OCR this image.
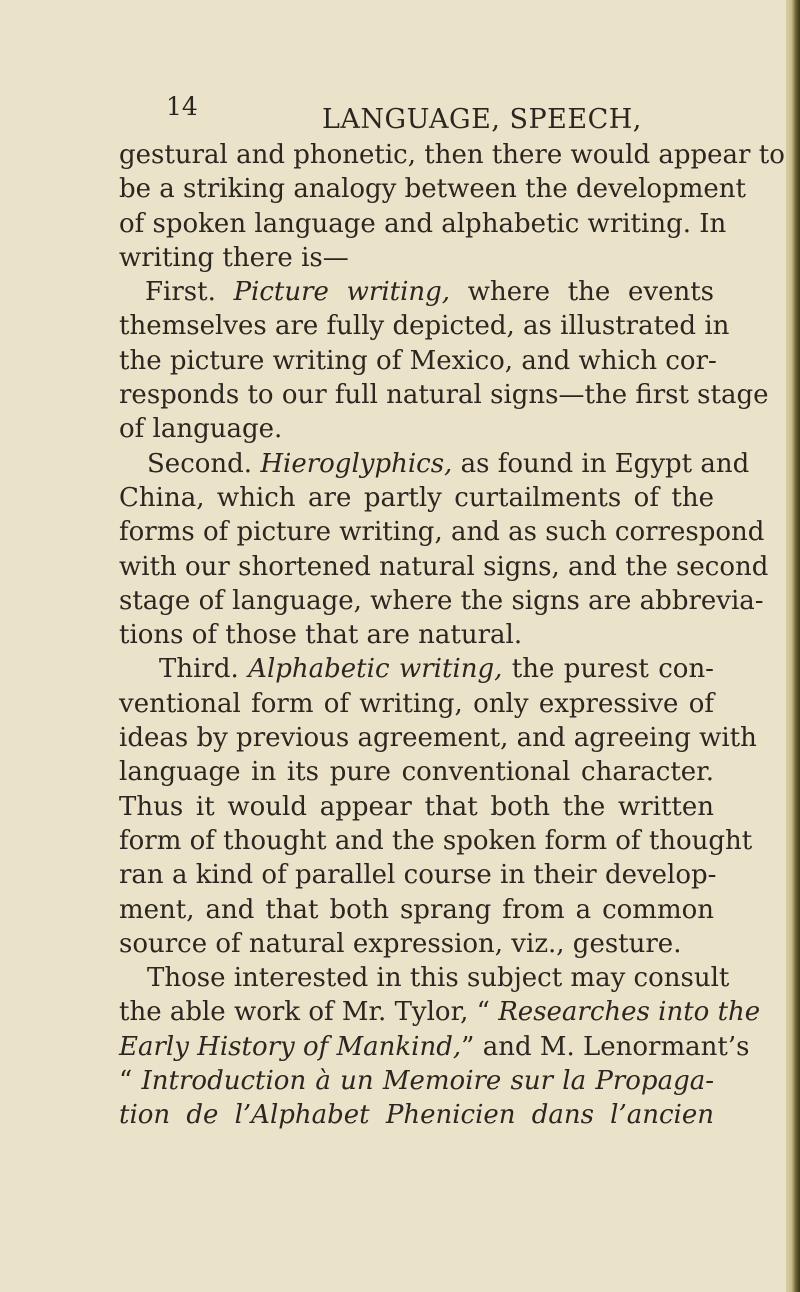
14	LANGUAGE, SPEECH,
gestural and phonetic, then there would appear to
be a striking analogy between the development
of spoken language and alphabetic writing. In
writing there is—
First. Picture writing, where the events
themselves are fully depicted, as illustrated in
the picture writing of Mexico, and which cor-
responds to our full natural signs—the first stage
of language.
Second. Hieroglyphics, as found in Egypt and
China, which are partly curtailments of the
forms of picture writing, and as such correspond
with our shortened natural signs, and the second
stage of language, where the signs are abbrevia-
tions of those that are natural.
Third. Alphabetic writing, the purest con-
ventional form of writing, only expressive of
ideas by previous agreement, and agreeing with
language in its pure conventional character.
Thus it would appear that both the written
form of thought and the spoken form of thought
ran a kind of parallel course in their develop-
ment, and that both sprang from a common
source of natural expression, viz., gesture.
Those interested in this subject may consult
the able work of Mr. Tylor, “ Researches into the
Early History of Mankind,” and M. Lenormant’s
“ Introduction à un Memoire sur la Propaga-
tion de l’Alphabet Phenicien dans l’ancien
